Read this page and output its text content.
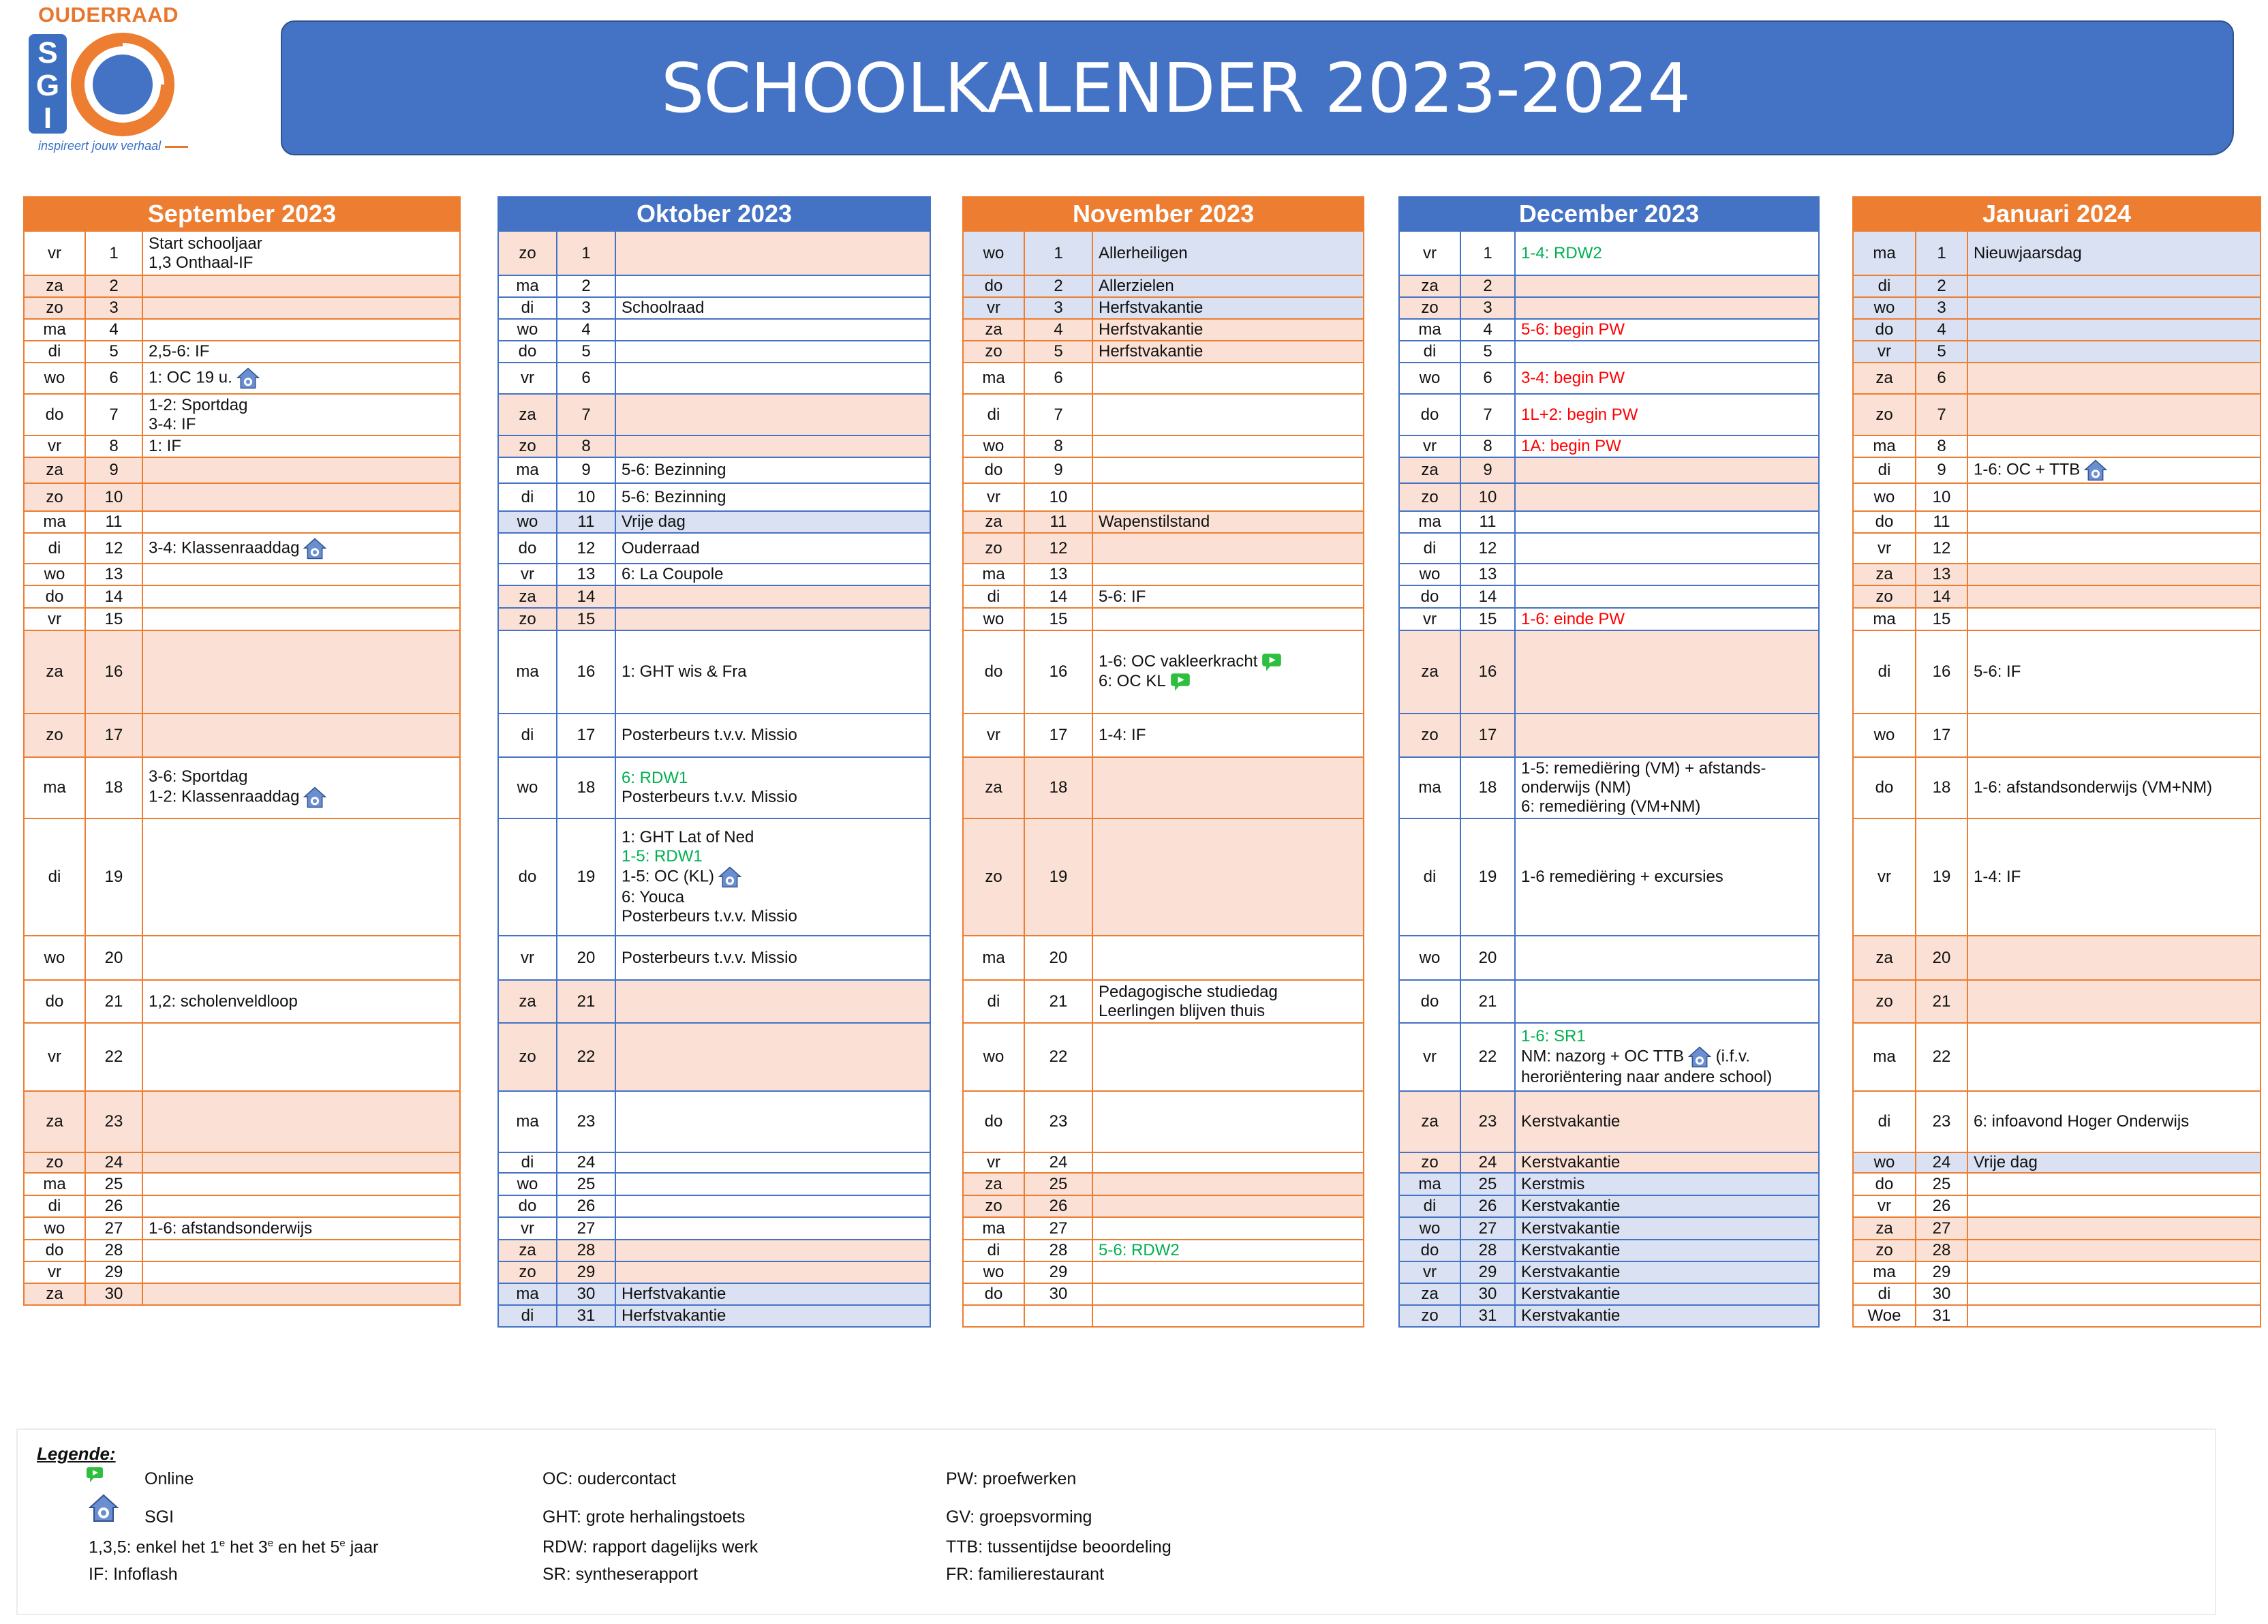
OUDERRAAD
S
G
I
inspireert jouw verhaal
SCHOOLKALENDER 2023-2024
September 2023		
vr	1	Start schooljaar
1,3 Onthaal-IF

za	2	
zo	3	
ma	4	
di	5	2,5-6: IF

wo	6	1: OC 19 u.

do	7	1-2: Sportdag
3-4: IF

vr	8	1: IF

za	9	
zo	10	
ma	11	
di	12	3-4: Klassenraaddag

wo	13	
do	14	
vr	15	
za	16	
zo	17	
ma	18	3-6: Sportdag
1-2: Klassenraaddag

di	19	
wo	20	
do	21	1,2: scholenveldloop

vr	22	
za	23	
zo	24	
ma	25	
di	26	
wo	27	1-6: afstandsonderwijs

do	28	
vr	29	
za	30	
Oktober 2023		
zo	1	
ma	2	
di	3	Schoolraad

wo	4	
do	5	
vr	6	
za	7	
zo	8	
ma	9	5-6: Bezinning

di	10	5-6: Bezinning

wo	11	Vrije dag

do	12	Ouderraad

vr	13	6: La Coupole

za	14	
zo	15	
ma	16	1: GHT wis & Fra

di	17	Posterbeurs t.v.v. Missio

wo	18	6: RDW1
Posterbeurs t.v.v. Missio

do	19	1: GHT Lat of Ned
1-5: RDW1
1-5: OC (KL)
6: Youca
Posterbeurs t.v.v. Missio

vr	20	Posterbeurs t.v.v. Missio

za	21	
zo	22	
ma	23	
di	24	
wo	25	
do	26	
vr	27	
za	28	
zo	29	
ma	30	Herfstvakantie

di	31	Herfstvakantie
November 2023		
wo	1	Allerheiligen

do	2	Allerzielen

vr	3	Herfstvakantie

za	4	Herfstvakantie

zo	5	Herfstvakantie

ma	6	
di	7	
wo	8	
do	9	
vr	10	
za	11	Wapenstilstand

zo	12	
ma	13	
di	14	5-6: IF

wo	15	
do	16	1-6: OC vakleerkracht
6: OC KL

vr	17	1-4: IF

za	18	
zo	19	
ma	20	
di	21	Pedagogische studiedag
Leerlingen blijven thuis

wo	22	
do	23	
vr	24	
za	25	
zo	26	
ma	27	
di	28	5-6: RDW2

wo	29	
do	30	

December 2023		
vr	1	1-4: RDW2

za	2	
zo	3	
ma	4	5-6: begin PW

di	5	
wo	6	3-4: begin PW

do	7	1L+2: begin PW

vr	8	1A: begin PW

za	9	
zo	10	
ma	11	
di	12	
wo	13	
do	14	
vr	15	1-6: einde PW

za	16	
zo	17	
ma	18	1-5: remediëring (VM) + afstands-
onderwijs (NM)
6: remediëring (VM+NM)

di	19	1-6 remediëring + excursies

wo	20	
do	21	
vr	22	1-6: SR1
NM: nazorg + OC TTB (i.f.v.
heroriëntering naar andere school)

za	23	Kerstvakantie

zo	24	Kerstvakantie

ma	25	Kerstmis

di	26	Kerstvakantie

wo	27	Kerstvakantie

do	28	Kerstvakantie

vr	29	Kerstvakantie

za	30	Kerstvakantie

zo	31	Kerstvakantie
Januari 2024		
ma	1	Nieuwjaarsdag

di	2	
wo	3	
do	4	
vr	5	
za	6	
zo	7	
ma	8	
di	9	1-6: OC + TTB

wo	10	
do	11	
vr	12	
za	13	
zo	14	
ma	15	
di	16	5-6: IF

wo	17	
do	18	1-6: afstandsonderwijs (VM+NM)

vr	19	1-4: IF

za	20	
zo	21	
ma	22	
di	23	6: infoavond Hoger Onderwijs

wo	24	Vrije dag

do	25	
vr	26	
za	27	
zo	28	
ma	29	
di	30	
Woe	31	
Legende:
Online
SGI
1,3,5: enkel het 1e het 3e en het 5e jaar
IF: Infoflash
OC: oudercontact
GHT: grote herhalingstoets
RDW: rapport dagelijks werk
SR: syntheserapport
PW: proefwerken
GV: groepsvorming
TTB: tussentijdse beoordeling
FR: familierestaurant
